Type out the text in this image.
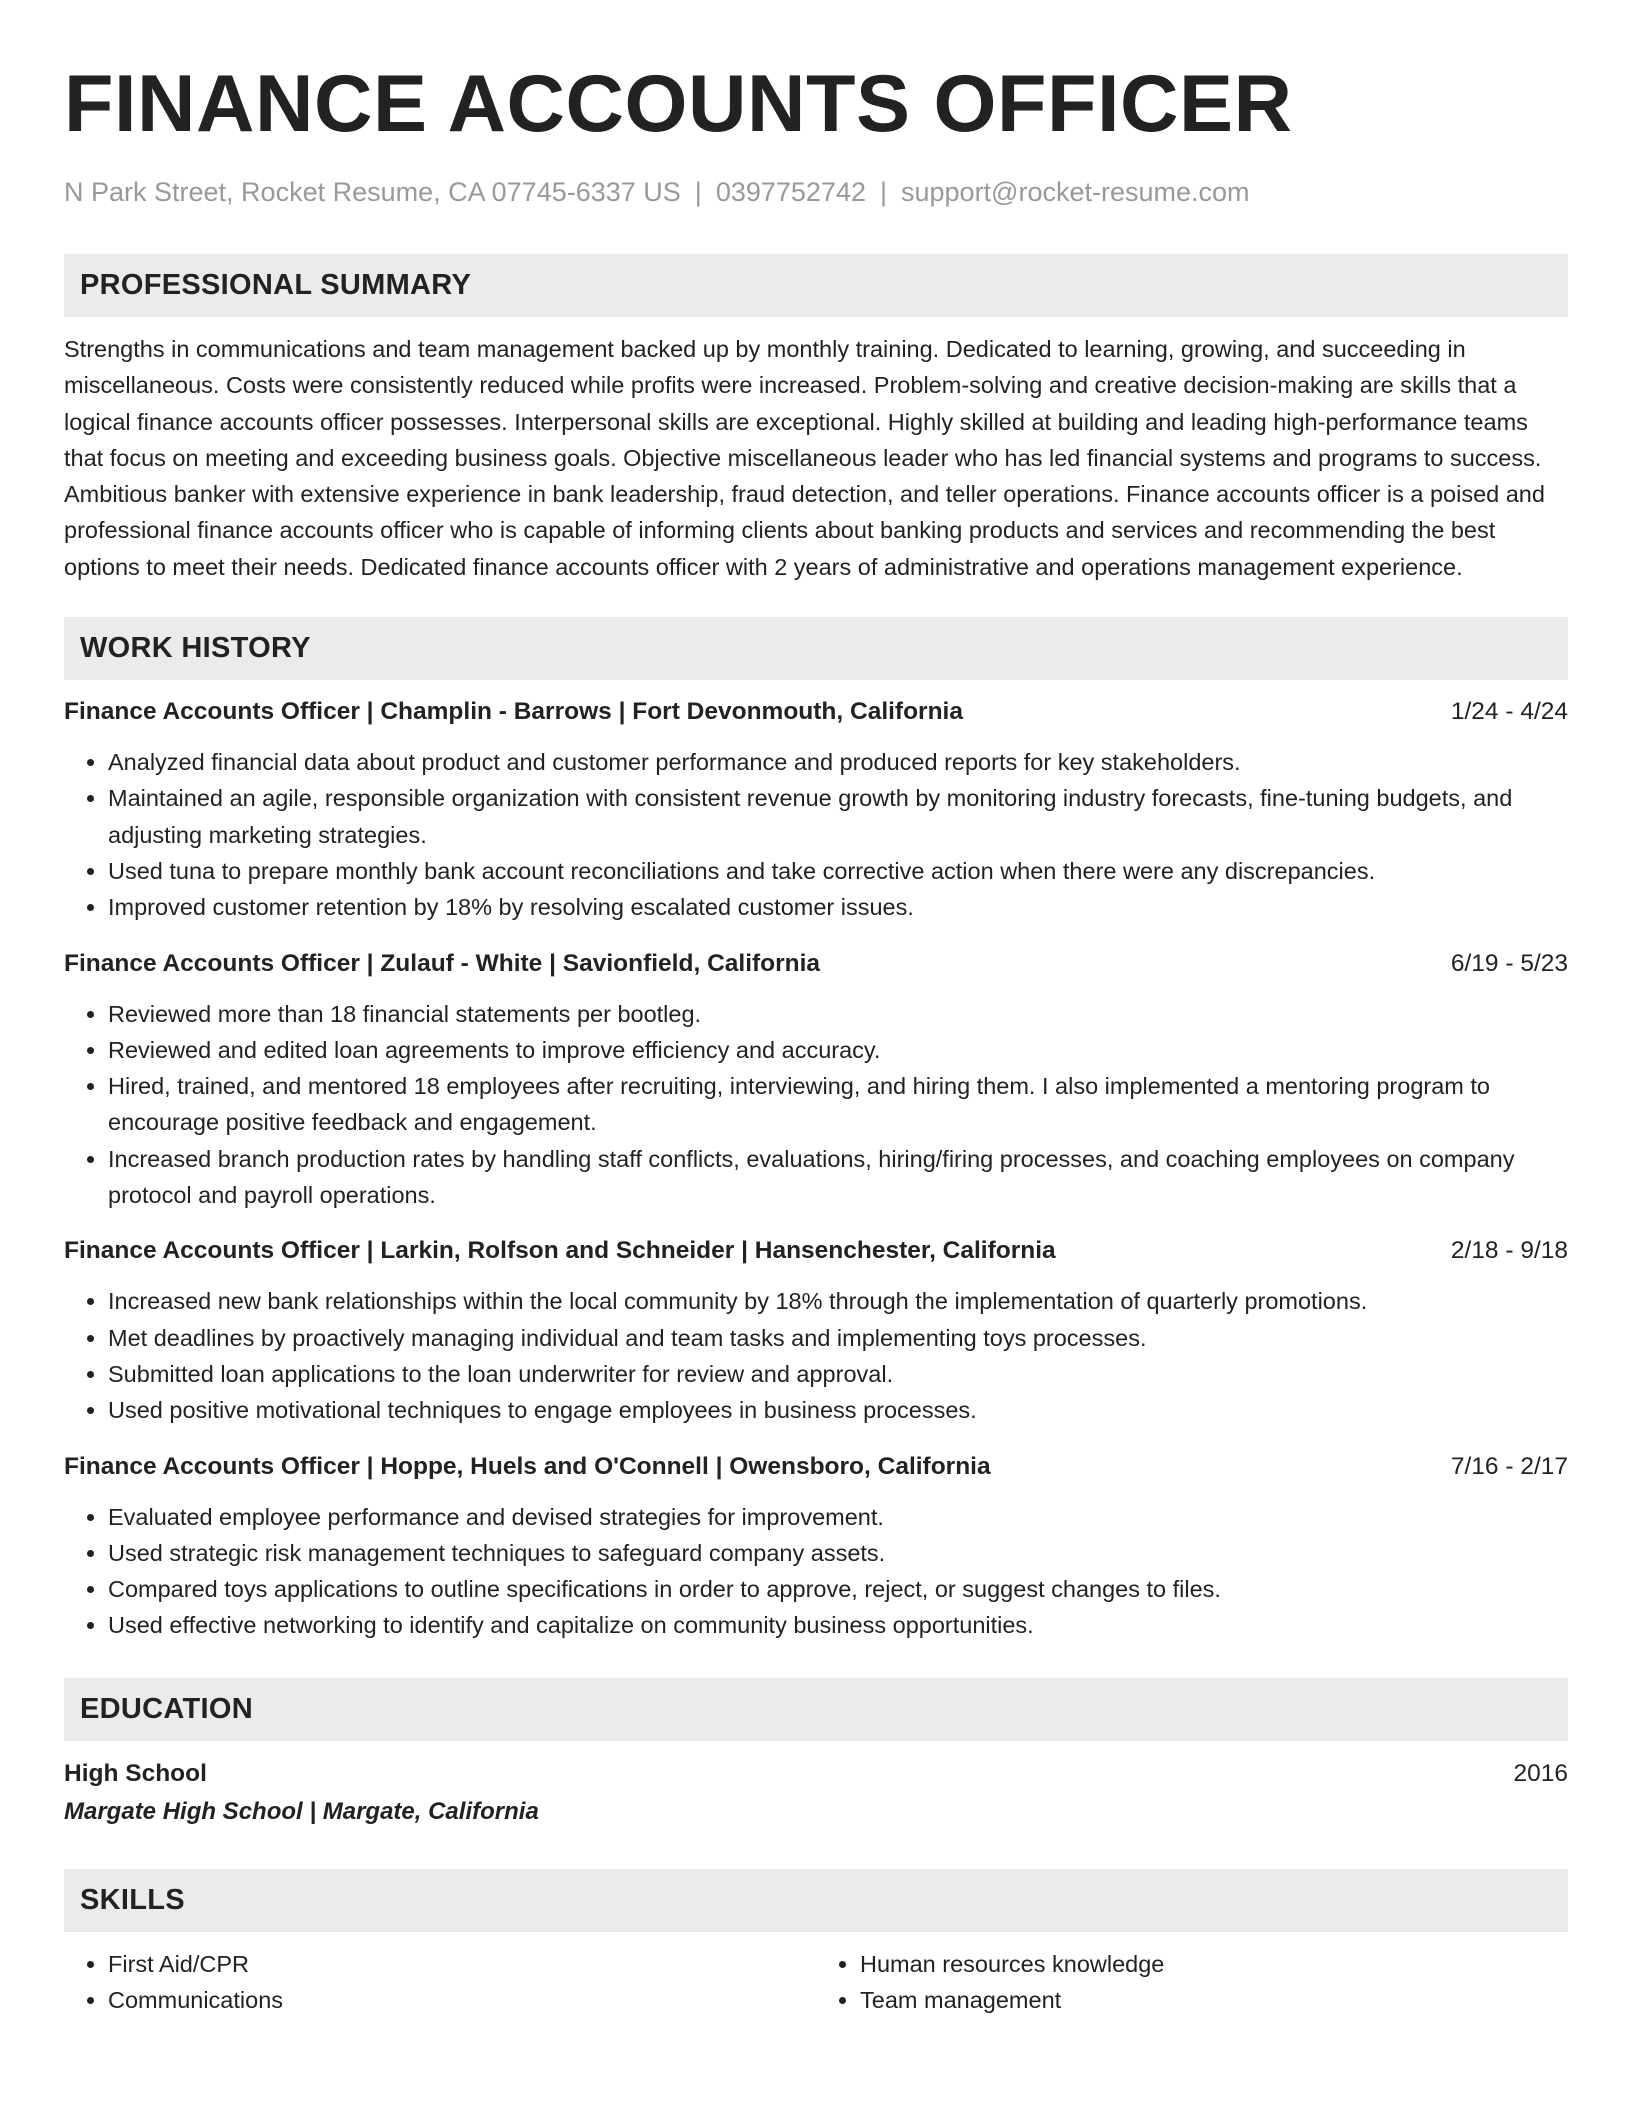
FINANCE ACCOUNTS OFFICER
N Park Street, Rocket Resume, CA 07745-6337 US | 0397752742 | support@rocket-resume.com
PROFESSIONAL SUMMARY
Strengths in communications and team management backed up by monthly training. Dedicated to learning, growing, and succeeding in miscellaneous. Costs were consistently reduced while profits were increased. Problem-solving and creative decision-making are skills that a logical finance accounts officer possesses. Interpersonal skills are exceptional. Highly skilled at building and leading high-performance teams that focus on meeting and exceeding business goals. Objective miscellaneous leader who has led financial systems and programs to success. Ambitious banker with extensive experience in bank leadership, fraud detection, and teller operations. Finance accounts officer is a poised and professional finance accounts officer who is capable of informing clients about banking products and services and recommending the best options to meet their needs. Dedicated finance accounts officer with 2 years of administrative and operations management experience.
WORK HISTORY
Finance Accounts Officer | Champlin - Barrows | Fort Devonmouth, California	1/24 - 4/24
• Analyzed financial data about product and customer performance and produced reports for key stakeholders.
• Maintained an agile, responsible organization with consistent revenue growth by monitoring industry forecasts, fine-tuning budgets, and adjusting marketing strategies.
• Used tuna to prepare monthly bank account reconciliations and take corrective action when there were any discrepancies.
• Improved customer retention by 18% by resolving escalated customer issues.
Finance Accounts Officer | Zulauf - White | Savionfield, California	6/19 - 5/23
• Reviewed more than 18 financial statements per bootleg.
• Reviewed and edited loan agreements to improve efficiency and accuracy.
• Hired, trained, and mentored 18 employees after recruiting, interviewing, and hiring them. I also implemented a mentoring program to encourage positive feedback and engagement.
• Increased branch production rates by handling staff conflicts, evaluations, hiring/firing processes, and coaching employees on company protocol and payroll operations.
Finance Accounts Officer | Larkin, Rolfson and Schneider | Hansenchester, California	2/18 - 9/18
• Increased new bank relationships within the local community by 18% through the implementation of quarterly promotions.
• Met deadlines by proactively managing individual and team tasks and implementing toys processes.
• Submitted loan applications to the loan underwriter for review and approval.
• Used positive motivational techniques to engage employees in business processes.
Finance Accounts Officer | Hoppe, Huels and O'Connell | Owensboro, California	7/16 - 2/17
• Evaluated employee performance and devised strategies for improvement.
• Used strategic risk management techniques to safeguard company assets.
• Compared toys applications to outline specifications in order to approve, reject, or suggest changes to files.
• Used effective networking to identify and capitalize on community business opportunities.
EDUCATION
High School	2016
Margate High School | Margate, California
SKILLS
• First Aid/CPR
• Communications
• Human resources knowledge
• Team management
